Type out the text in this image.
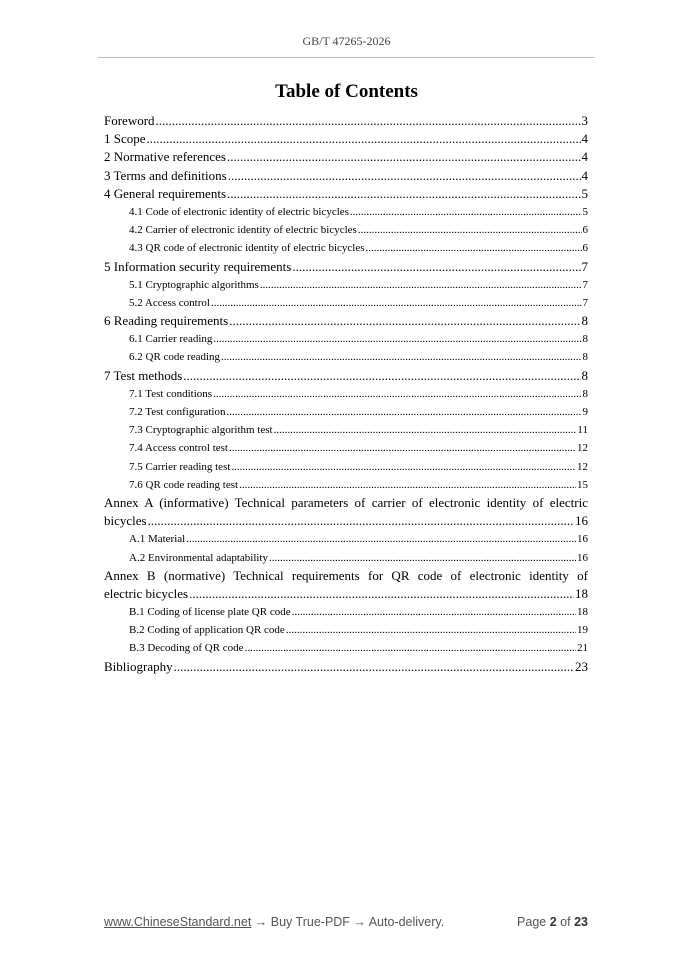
GB/T 47265-2026
Table of Contents
Foreword .....	3
1 Scope .....	4
2 Normative references .....	4
3 Terms and definitions .....	4
4 General requirements .....	5
4.1 Code of electronic identity of electric bicycles .....	5
4.2 Carrier of electronic identity of electric bicycles .....	6
4.3 QR code of electronic identity of electric bicycles .....	6
5 Information security requirements .....	7
5.1 Cryptographic algorithms .....	7
5.2 Access control .....	7
6 Reading requirements .....	8
6.1 Carrier reading .....	8
6.2 QR code reading .....	8
7 Test methods .....	8
7.1 Test conditions .....	8
7.2 Test configuration .....	9
7.3 Cryptographic algorithm test .....	11
7.4 Access control test .....	12
7.5 Carrier reading test .....	12
7.6 QR code reading test .....	15
Annex A (informative) Technical parameters of carrier of electronic identity of electric
bicycles .....	16
A.1 Material .....	16
A.2 Environmental adaptability .....	16
Annex B (normative) Technical requirements for QR code of electronic identity of
electric bicycles .....	18
B.1 Coding of license plate QR code .....	18
B.2 Coding of application QR code .....	19
B.3 Decoding of QR code .....	21
Bibliography .....	23
www.ChineseStandard.net → Buy True-PDF → Auto-delivery.	Page 2 of 23
